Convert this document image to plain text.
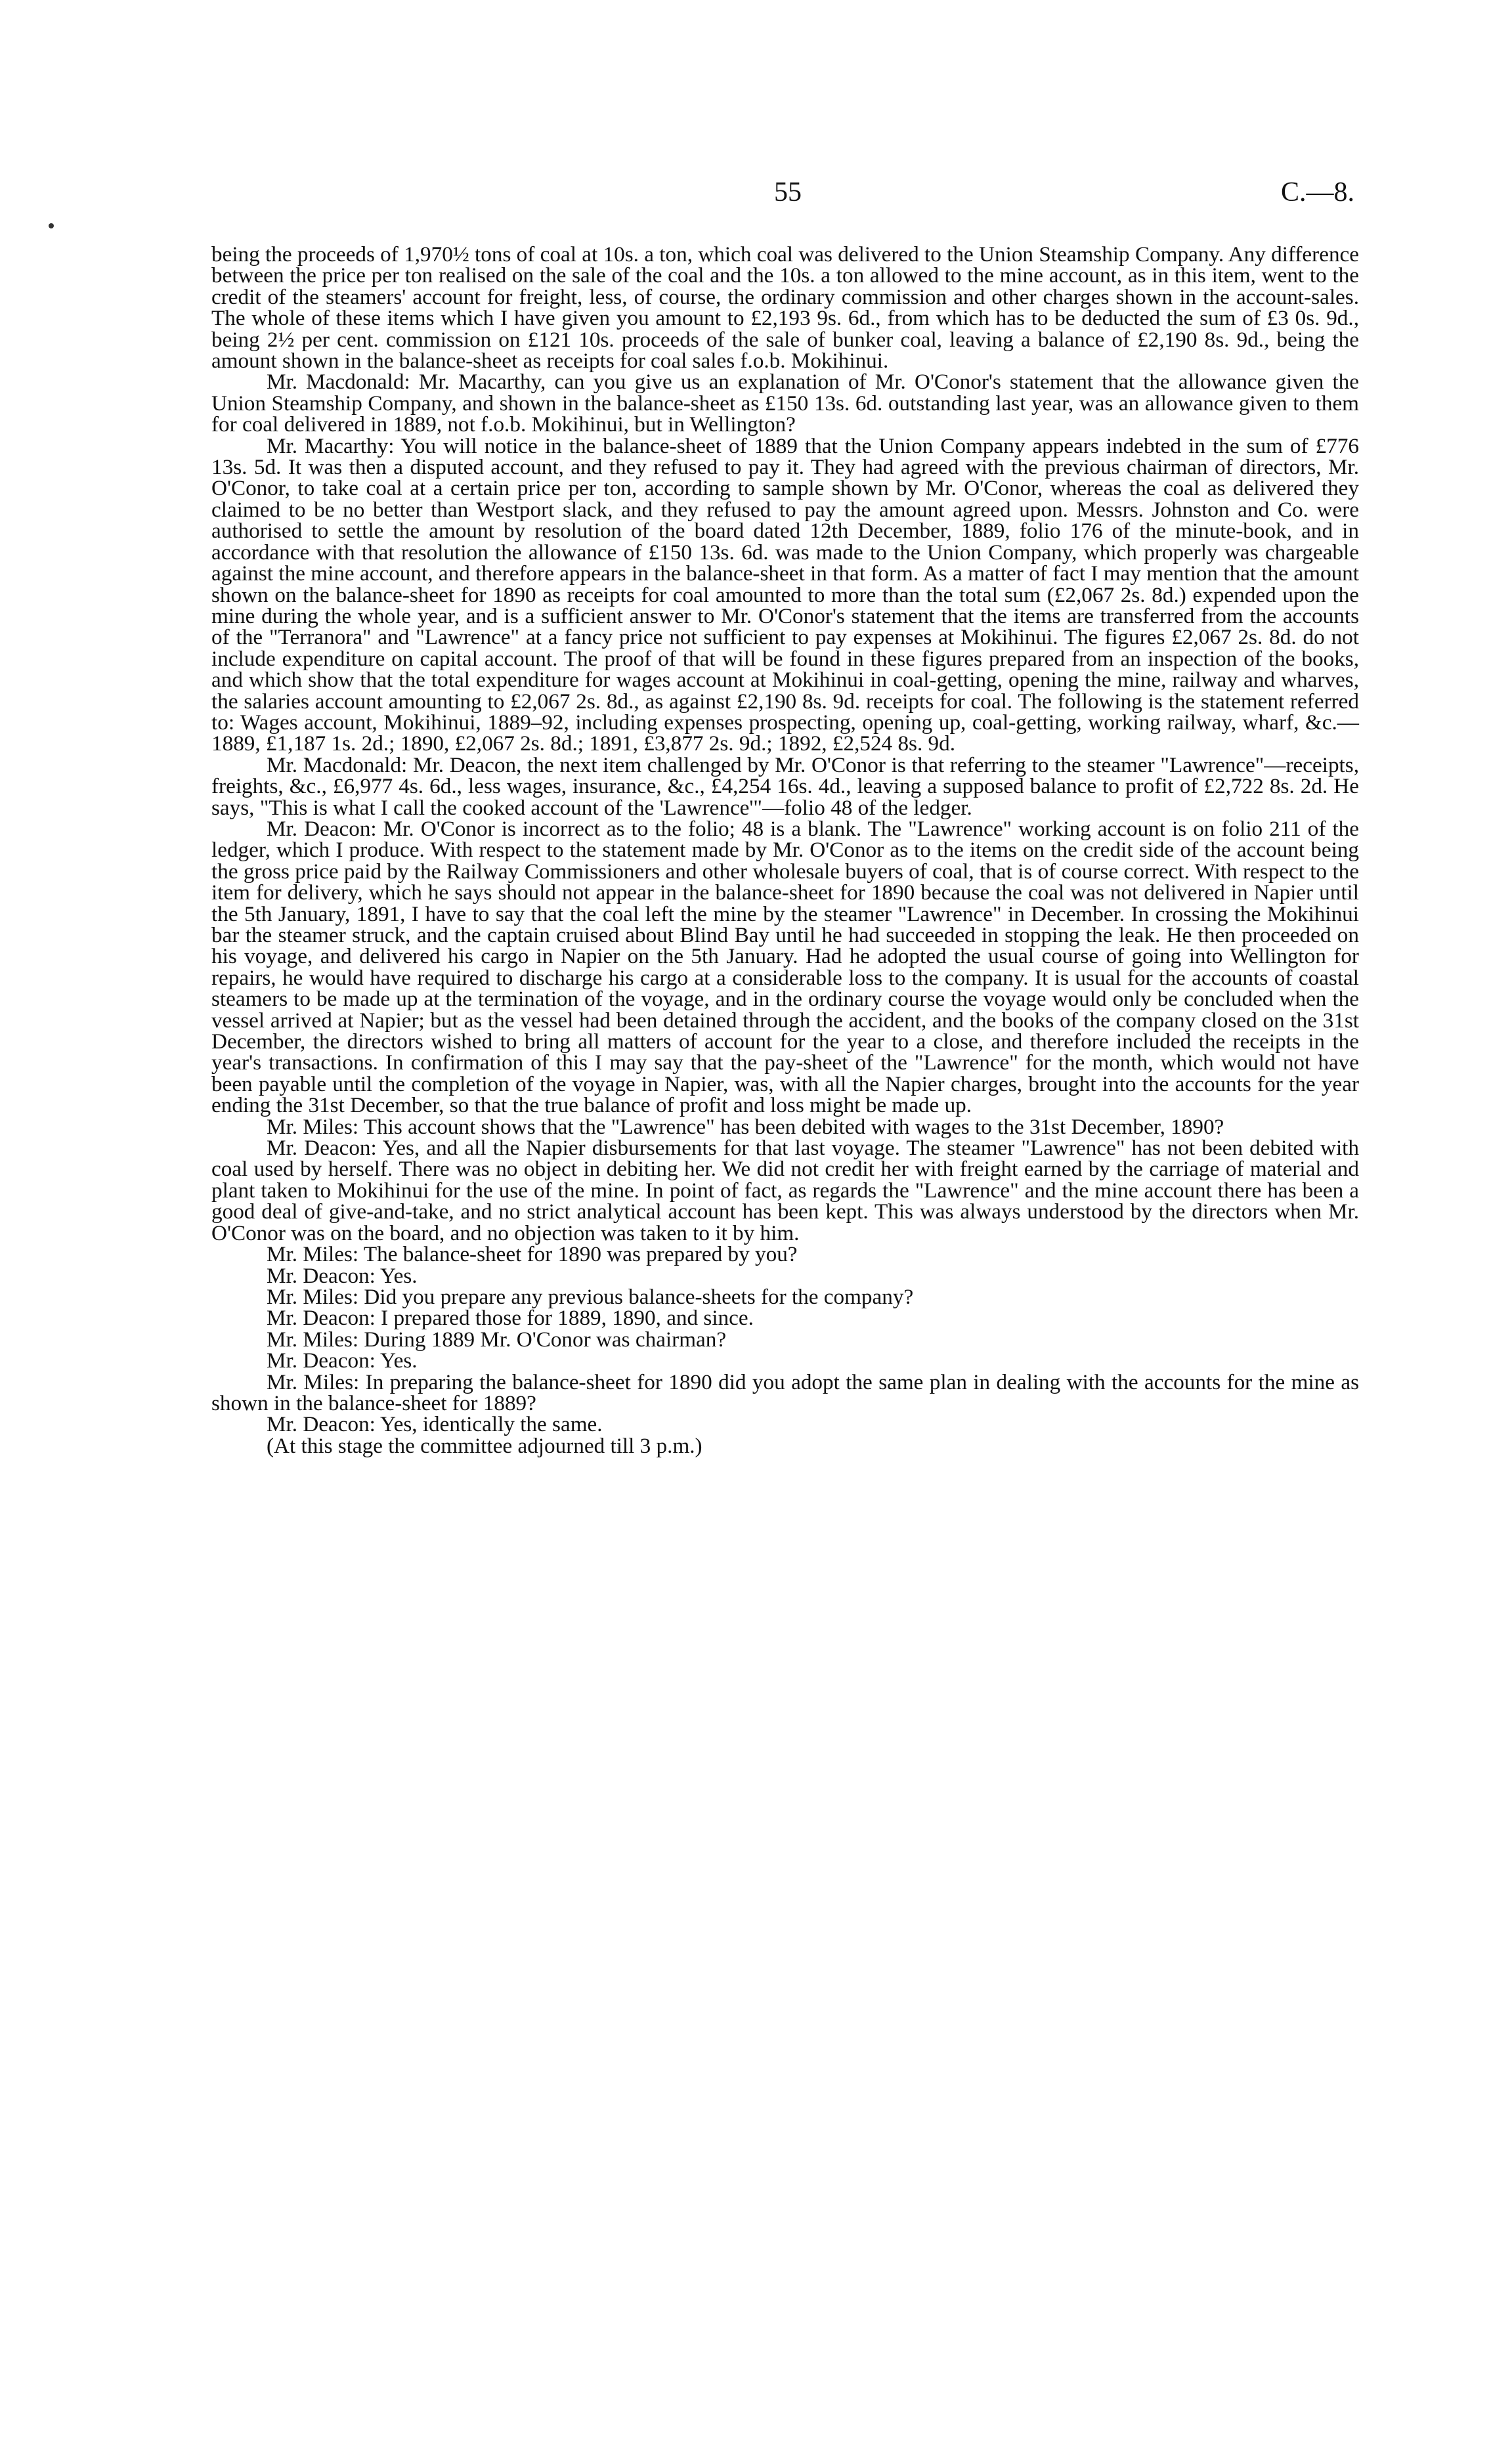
55	C.—8.

being the proceeds of 1,970½ tons of coal at 10s. a ton, which coal was delivered to the Union Steamship Company. Any difference between the price per ton realised on the sale of the coal and the 10s. a ton allowed to the mine account, as in this item, went to the credit of the steamers' account for freight, less, of course, the ordinary commission and other charges shown in the account-sales. The whole of these items which I have given you amount to £2,193 9s. 6d., from which has to be deducted the sum of £3 0s. 9d., being 2½ per cent. commission on £121 10s. proceeds of the sale of bunker coal, leaving a balance of £2,190 8s. 9d., being the amount shown in the balance-sheet as receipts for coal sales f.o.b. Mokihinui.

Mr. Macdonald: Mr. Macarthy, can you give us an explanation of Mr. O'Conor's statement that the allowance given the Union Steamship Company, and shown in the balance-sheet as £150 13s. 6d. outstanding last year, was an allowance given to them for coal delivered in 1889, not f.o.b. Mokihinui, but in Wellington?

Mr. Macarthy: You will notice in the balance-sheet of 1889 that the Union Company appears indebted in the sum of £776 13s. 5d. It was then a disputed account, and they refused to pay it. They had agreed with the previous chairman of directors, Mr. O'Conor, to take coal at a certain price per ton, according to sample shown by Mr. O'Conor, whereas the coal as delivered they claimed to be no better than Westport slack, and they refused to pay the amount agreed upon. Messrs. Johnston and Co. were authorised to settle the amount by resolution of the board dated 12th December, 1889, folio 176 of the minute-book, and in accordance with that resolution the allowance of £150 13s. 6d. was made to the Union Company, which properly was chargeable against the mine account, and therefore appears in the balance-sheet in that form. As a matter of fact I may mention that the amount shown on the balance-sheet for 1890 as receipts for coal amounted to more than the total sum (£2,067 2s. 8d.) expended upon the mine during the whole year, and is a sufficient answer to Mr. O'Conor's statement that the items are transferred from the accounts of the "Terranora" and "Lawrence" at a fancy price not sufficient to pay expenses at Mokihinui. The figures £2,067 2s. 8d. do not include expenditure on capital account. The proof of that will be found in these figures prepared from an inspection of the books, and which show that the total expenditure for wages account at Mokihinui in coal-getting, opening the mine, railway and wharves, the salaries account amounting to £2,067 2s. 8d., as against £2,190 8s. 9d. receipts for coal. The following is the statement referred to: Wages account, Mokihinui, 1889–92, including expenses prospecting, opening up, coal-getting, working railway, wharf, &c.—1889, £1,187 1s. 2d.; 1890, £2,067 2s. 8d.; 1891, £3,877 2s. 9d.; 1892, £2,524 8s. 9d.

Mr. Macdonald: Mr. Deacon, the next item challenged by Mr. O'Conor is that referring to the steamer "Lawrence"—receipts, freights, &c., £6,977 4s. 6d., less wages, insurance, &c., £4,254 16s. 4d., leaving a supposed balance to profit of £2,722 8s. 2d. He says, "This is what I call the cooked account of the 'Lawrence'"—folio 48 of the ledger.

Mr. Deacon: Mr. O'Conor is incorrect as to the folio; 48 is a blank. The "Lawrence" working account is on folio 211 of the ledger, which I produce. With respect to the statement made by Mr. O'Conor as to the items on the credit side of the account being the gross price paid by the Railway Commissioners and other wholesale buyers of coal, that is of course correct. With respect to the item for delivery, which he says should not appear in the balance-sheet for 1890 because the coal was not delivered in Napier until the 5th January, 1891, I have to say that the coal left the mine by the steamer "Lawrence" in December. In crossing the Mokihinui bar the steamer struck, and the captain cruised about Blind Bay until he had succeeded in stopping the leak. He then proceeded on his voyage, and delivered his cargo in Napier on the 5th January. Had he adopted the usual course of going into Wellington for repairs, he would have required to discharge his cargo at a considerable loss to the company. It is usual for the accounts of coastal steamers to be made up at the termination of the voyage, and in the ordinary course the voyage would only be concluded when the vessel arrived at Napier; but as the vessel had been detained through the accident, and the books of the company closed on the 31st December, the directors wished to bring all matters of account for the year to a close, and therefore included the receipts in the year's transactions. In confirmation of this I may say that the pay-sheet of the "Lawrence" for the month, which would not have been payable until the completion of the voyage in Napier, was, with all the Napier charges, brought into the accounts for the year ending the 31st December, so that the true balance of profit and loss might be made up.

Mr. Miles: This account shows that the "Lawrence" has been debited with wages to the 31st December, 1890?

Mr. Deacon: Yes, and all the Napier disbursements for that last voyage. The steamer "Lawrence" has not been debited with coal used by herself. There was no object in debiting her. We did not credit her with freight earned by the carriage of material and plant taken to Mokihinui for the use of the mine. In point of fact, as regards the "Lawrence" and the mine account there has been a good deal of give-and-take, and no strict analytical account has been kept. This was always understood by the directors when Mr. O'Conor was on the board, and no objection was taken to it by him.

Mr. Miles: The balance-sheet for 1890 was prepared by you?

Mr. Deacon: Yes.

Mr. Miles: Did you prepare any previous balance-sheets for the company?

Mr. Deacon: I prepared those for 1889, 1890, and since.

Mr. Miles: During 1889 Mr. O'Conor was chairman?

Mr. Deacon: Yes.

Mr. Miles: In preparing the balance-sheet for 1890 did you adopt the same plan in dealing with the accounts for the mine as shown in the balance-sheet for 1889?

Mr. Deacon: Yes, identically the same.

(At this stage the committee adjourned till 3 p.m.)
